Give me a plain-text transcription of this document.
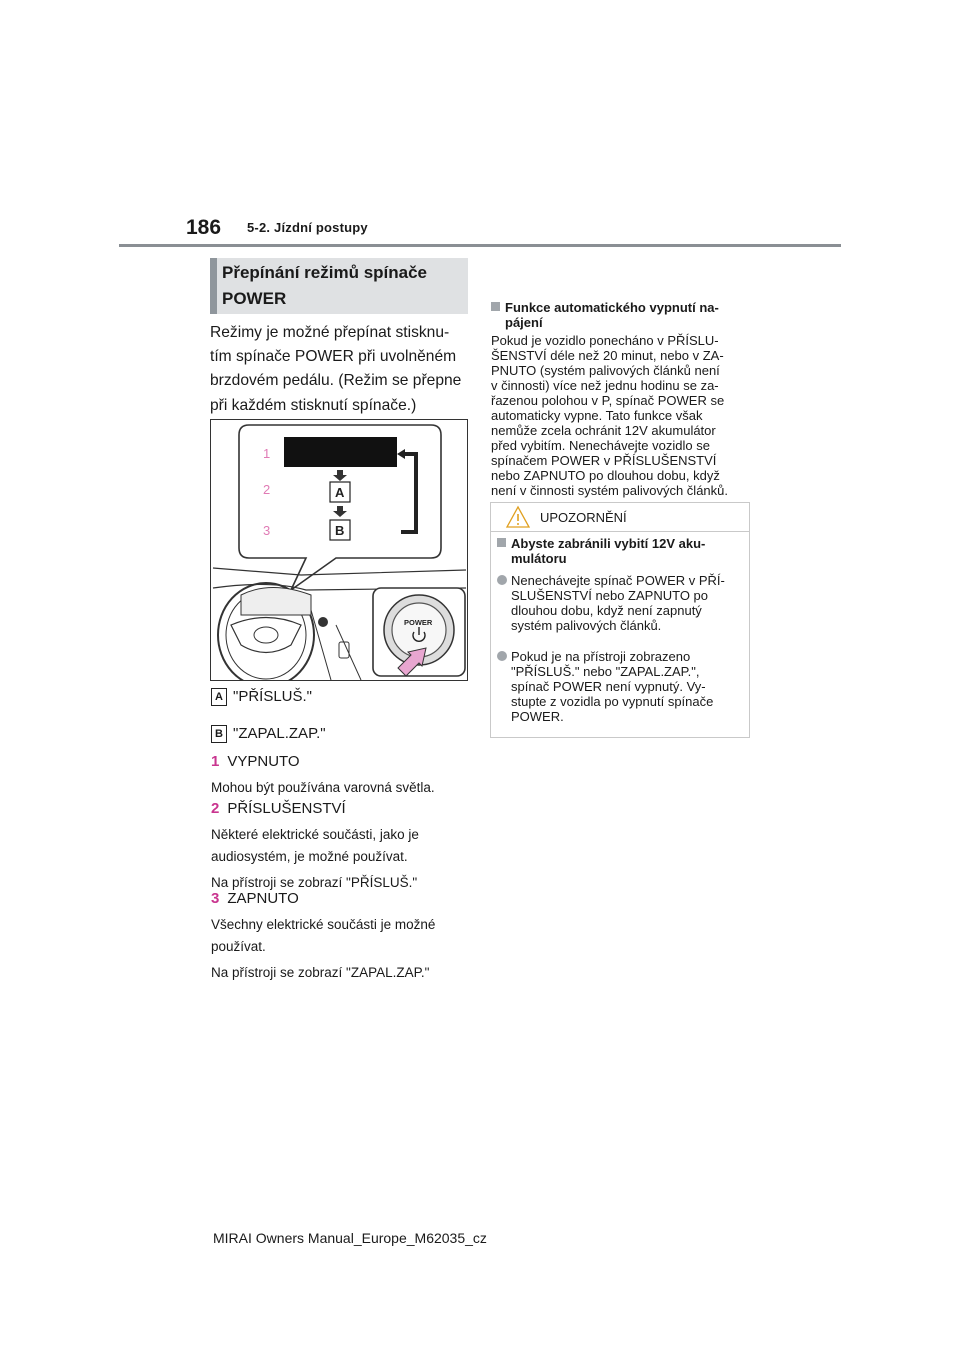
186 5-2. Jízdní postupy
Přepínání režimů spínače
POWER
Režimy je možné přepínat stisknu-
tím spínače POWER při uvolněném
brzdovém pedálu. (Režim se přepne
při každém stisknutí spínače.)
1
2
3
A
B
POWER
A "PŘÍSLUŠ."
B "ZAPAL.ZAP."
1 VYPNUTO
Mohou být používána varovná světla.
2 PŘÍSLUŠENSTVÍ
Některé elektrické součásti, jako je
audiosystém, je možné používat.
Na přístroji se zobrazí "PŘÍSLUŠ."
3 ZAPNUTO
Všechny elektrické součásti je možné
používat.
Na přístroji se zobrazí "ZAPAL.ZAP."
Funkce automatického vypnutí na-
pájení
Pokud je vozidlo ponecháno v PŘÍSLU-
ŠENSTVÍ déle než 20 minut, nebo v ZA-
PNUTO (systém palivových článků není
v činnosti) více než jednu hodinu se za-
řazenou polohou v P, spínač POWER se
automaticky vypne. Tato funkce však
nemůže zcela ochránit 12V akumulátor
před vybitím. Nenechávejte vozidlo se
spínačem POWER v PŘÍSLUŠENSTVÍ
nebo ZAPNUTO po dlouhou dobu, když
není v činnosti systém palivových článků.
UPOZORNĚNÍ
Abyste zabránili vybití 12V aku-
mulátoru
Nenechávejte spínač POWER v PŘÍ-
SLUŠENSTVÍ nebo ZAPNUTO po
dlouhou dobu, když není zapnutý
systém palivových článků.
Pokud je na přístroji zobrazeno
"PŘÍSLUŠ." nebo "ZAPAL.ZAP.",
spínač POWER není vypnutý. Vy-
stupte z vozidla po vypnutí spínače
POWER.
MIRAI Owners Manual_Europe_M62035_cz
